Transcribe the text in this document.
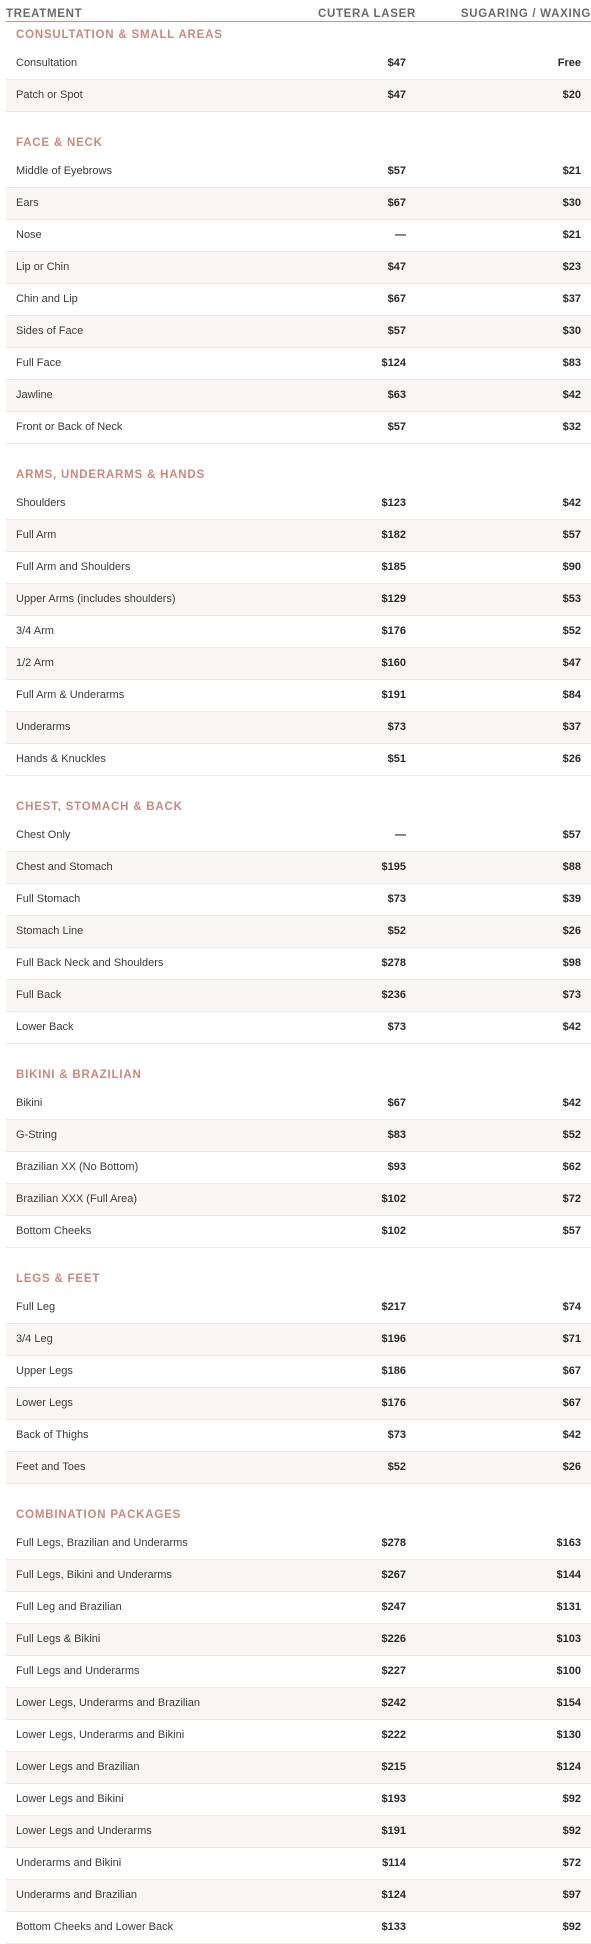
TREATMENT	CUTERA LASER	SUGARING / WAXING
CONSULTATION & SMALL AREAS
Consultation	$47	Free
Patch or Spot	$47	$20
FACE & NECK
Middle of Eyebrows	$57	$21
Ears	$67	$30
Nose	—	$21
Lip or Chin	$47	$23
Chin and Lip	$67	$37
Sides of Face	$57	$30
Full Face	$124	$83
Jawline	$63	$42
Front or Back of Neck	$57	$32
ARMS, UNDERARMS & HANDS
Shoulders	$123	$42
Full Arm	$182	$57
Full Arm and Shoulders	$185	$90
Upper Arms (includes shoulders)	$129	$53
3/4 Arm	$176	$52
1/2 Arm	$160	$47
Full Arm & Underarms	$191	$84
Underarms	$73	$37
Hands & Knuckles	$51	$26
CHEST, STOMACH & BACK
Chest Only	—	$57
Chest and Stomach	$195	$88
Full Stomach	$73	$39
Stomach Line	$52	$26
Full Back Neck and Shoulders	$278	$98
Full Back	$236	$73
Lower Back	$73	$42
BIKINI & BRAZILIAN
Bikini	$67	$42
G-String	$83	$52
Brazilian XX (No Bottom)	$93	$62
Brazilian XXX (Full Area)	$102	$72
Bottom Cheeks	$102	$57
LEGS & FEET
Full Leg	$217	$74
3/4 Leg	$196	$71
Upper Legs	$186	$67
Lower Legs	$176	$67
Back of Thighs	$73	$42
Feet and Toes	$52	$26
COMBINATION PACKAGES
Full Legs, Brazilian and Underarms	$278	$163
Full Legs, Bikini and Underarms	$267	$144
Full Leg and Brazilian	$247	$131
Full Legs & Bikini	$226	$103
Full Legs and Underarms	$227	$100
Lower Legs, Underarms and Brazilian	$242	$154
Lower Legs, Underarms and Bikini	$222	$130
Lower Legs and Brazilian	$215	$124
Lower Legs and Bikini	$193	$92
Lower Legs and Underarms	$191	$92
Underarms and Bikini	$114	$72
Underarms and Brazilian	$124	$97
Bottom Cheeks and Lower Back	$133	$92
